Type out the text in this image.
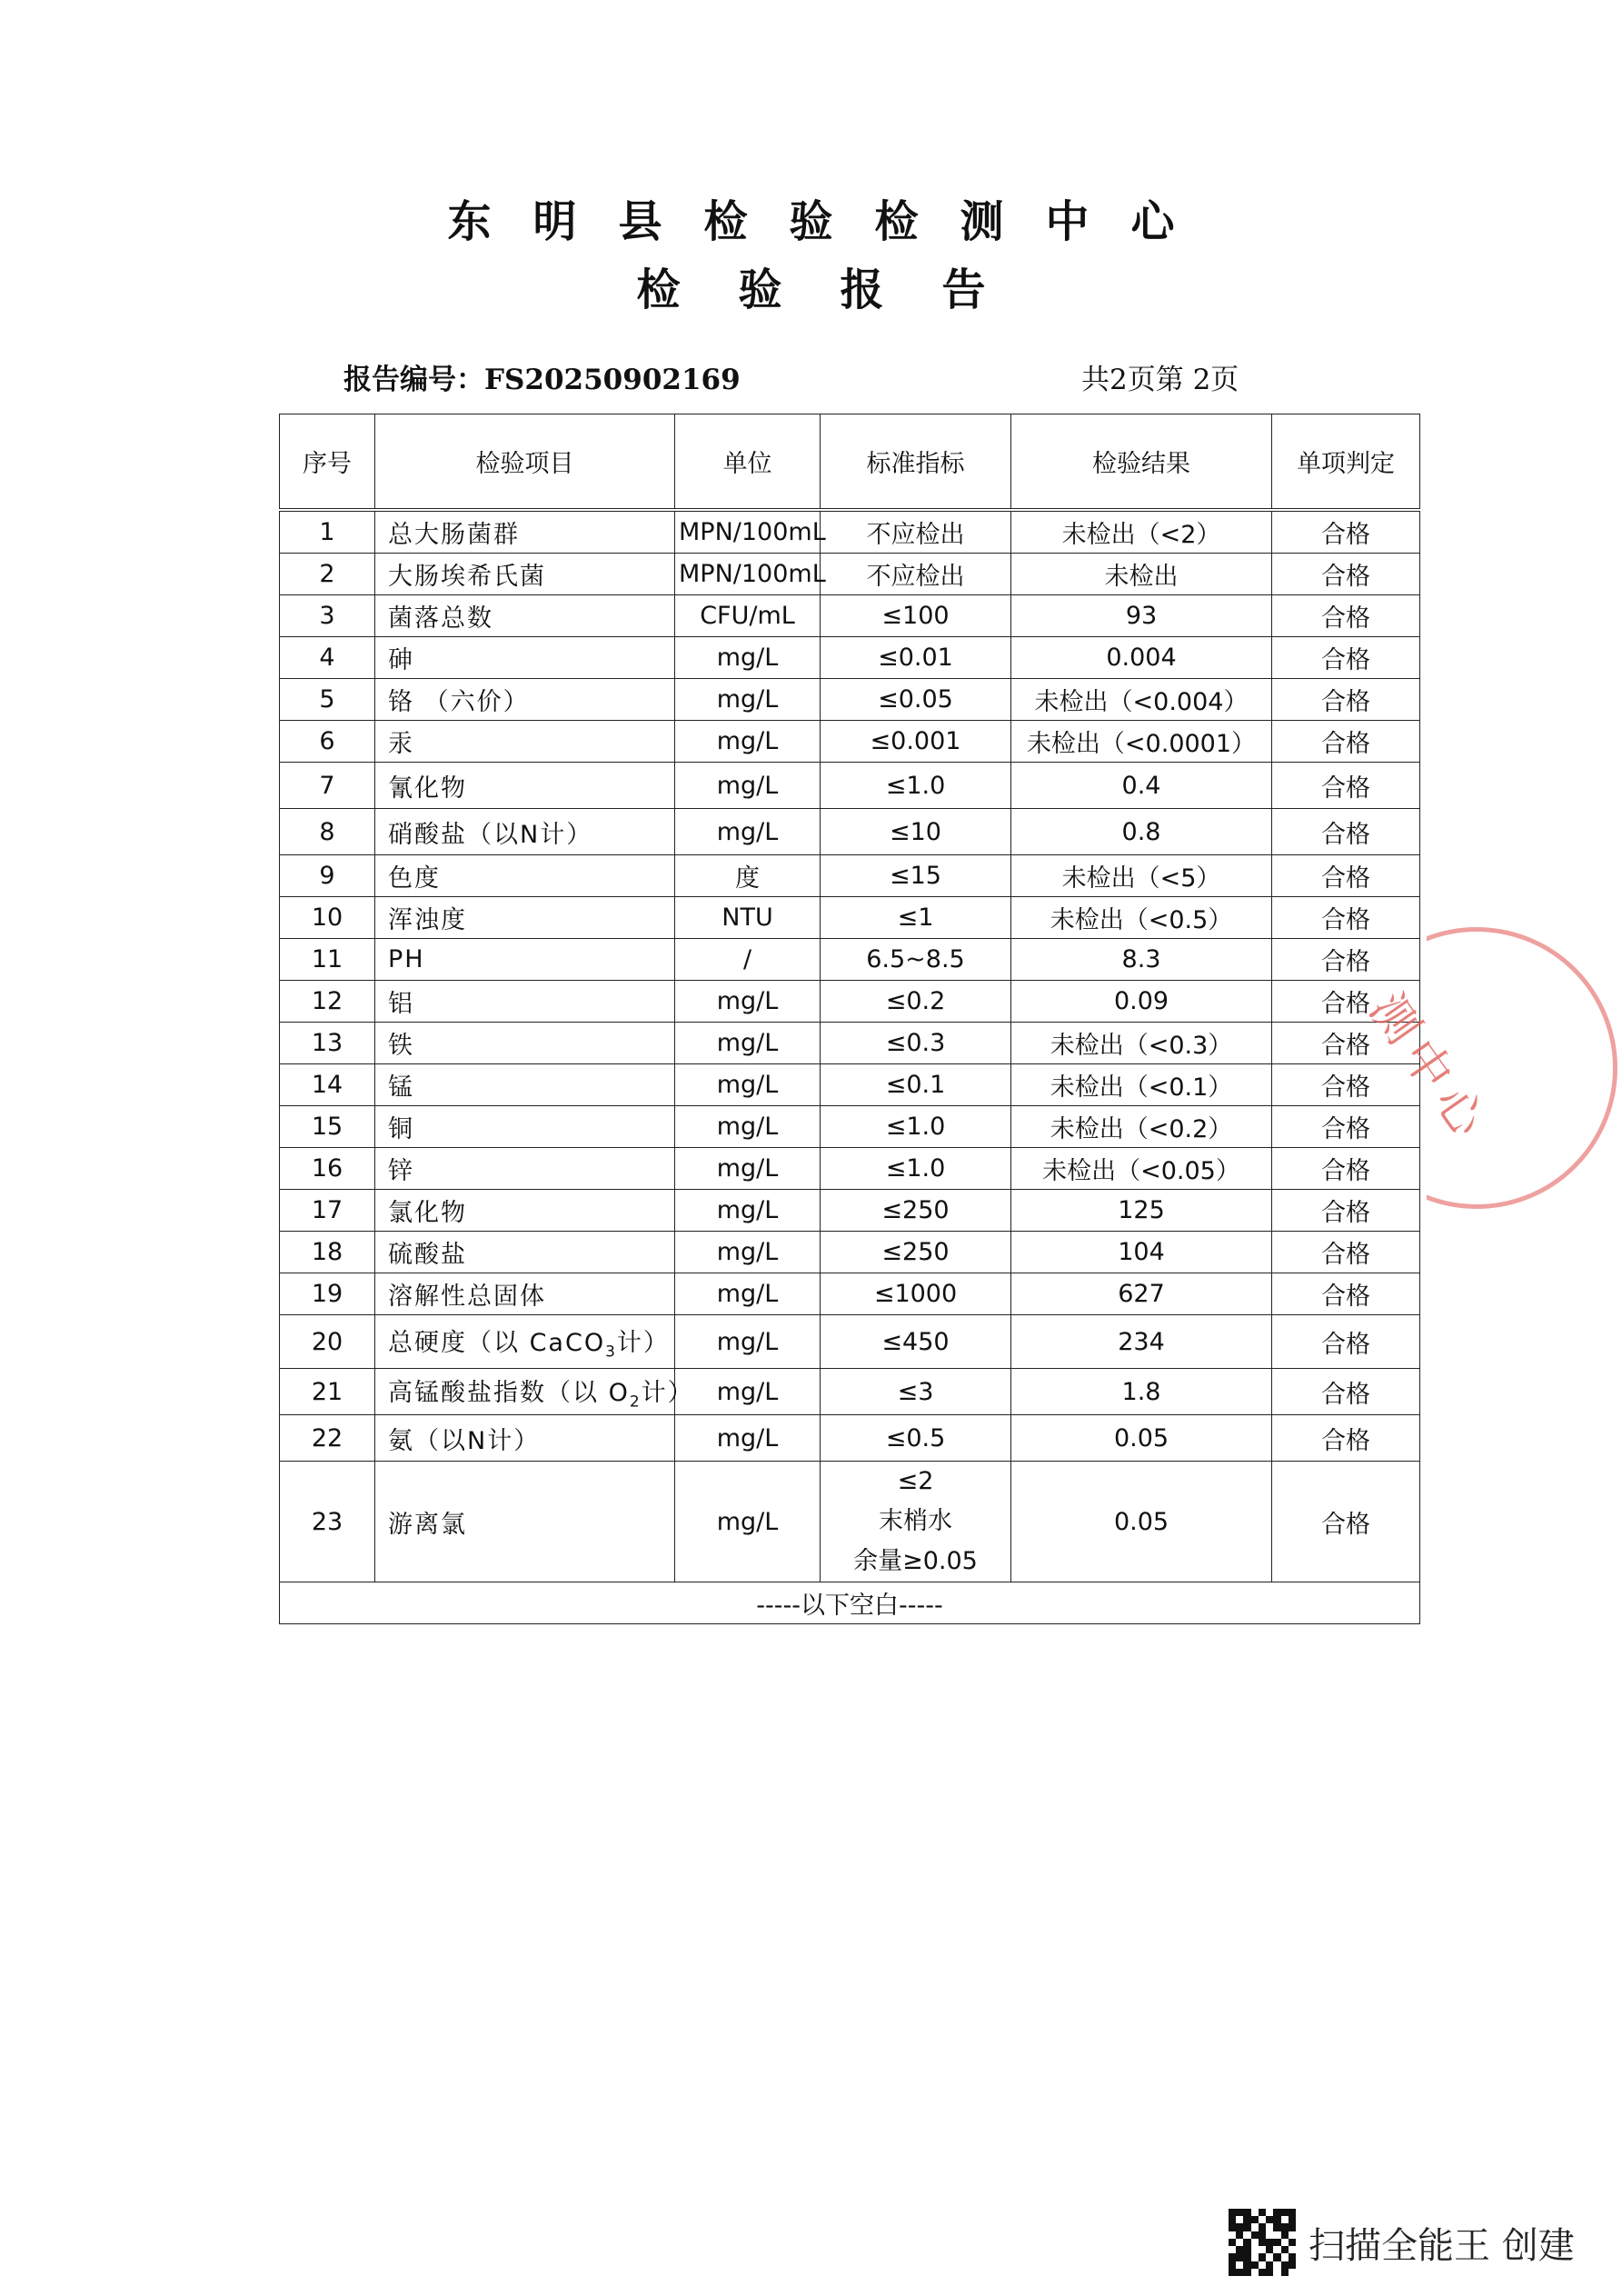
东明县检验检测中心
检验报告
报告编号：FS20250902169	共2页第 2页
序号	检验项目	单位	标准指标	检验结果	单项判定
1	总大肠菌群	MPN/100mL	不应检出	未检出（<2）	合格
2	大肠埃希氏菌	MPN/100mL	不应检出	未检出	合格
3	菌落总数	CFU/mL	≤100	93	合格
4	砷	mg/L	≤0.01	0.004	合格
5	铬 （六价）	mg/L	≤0.05	未检出（<0.004）	合格
6	汞	mg/L	≤0.001	未检出（<0.0001）	合格
7	氰化物	mg/L	≤1.0	0.4	合格
8	硝酸盐（以N计）	mg/L	≤10	0.8	合格
9	色度	度	≤15	未检出（<5）	合格
10	浑浊度	NTU	≤1	未检出（<0.5）	合格
11	PH	/	6.5~8.5	8.3	合格
12	铝	mg/L	≤0.2	0.09	合格
13	铁	mg/L	≤0.3	未检出（<0.3）	合格
14	锰	mg/L	≤0.1	未检出（<0.1）	合格
15	铜	mg/L	≤1.0	未检出（<0.2）	合格
16	锌	mg/L	≤1.0	未检出（<0.05）	合格
17	氯化物	mg/L	≤250	125	合格
18	硫酸盐	mg/L	≤250	104	合格
19	溶解性总固体	mg/L	≤1000	627	合格
20	总硬度（以 CaCO$_3$计）	mg/L	≤450	234	合格
21	高锰酸盐指数（以 $O_2$计）	mg/L	≤3	1.8	合格
22	氨（以N计）	mg/L	≤0.5	0.05	合格
23	游离氯	mg/L	≤2
末梢水
余量≥0.05	0.05	合格
-----以下空白-----					
测中心
扫描全能王 创建
